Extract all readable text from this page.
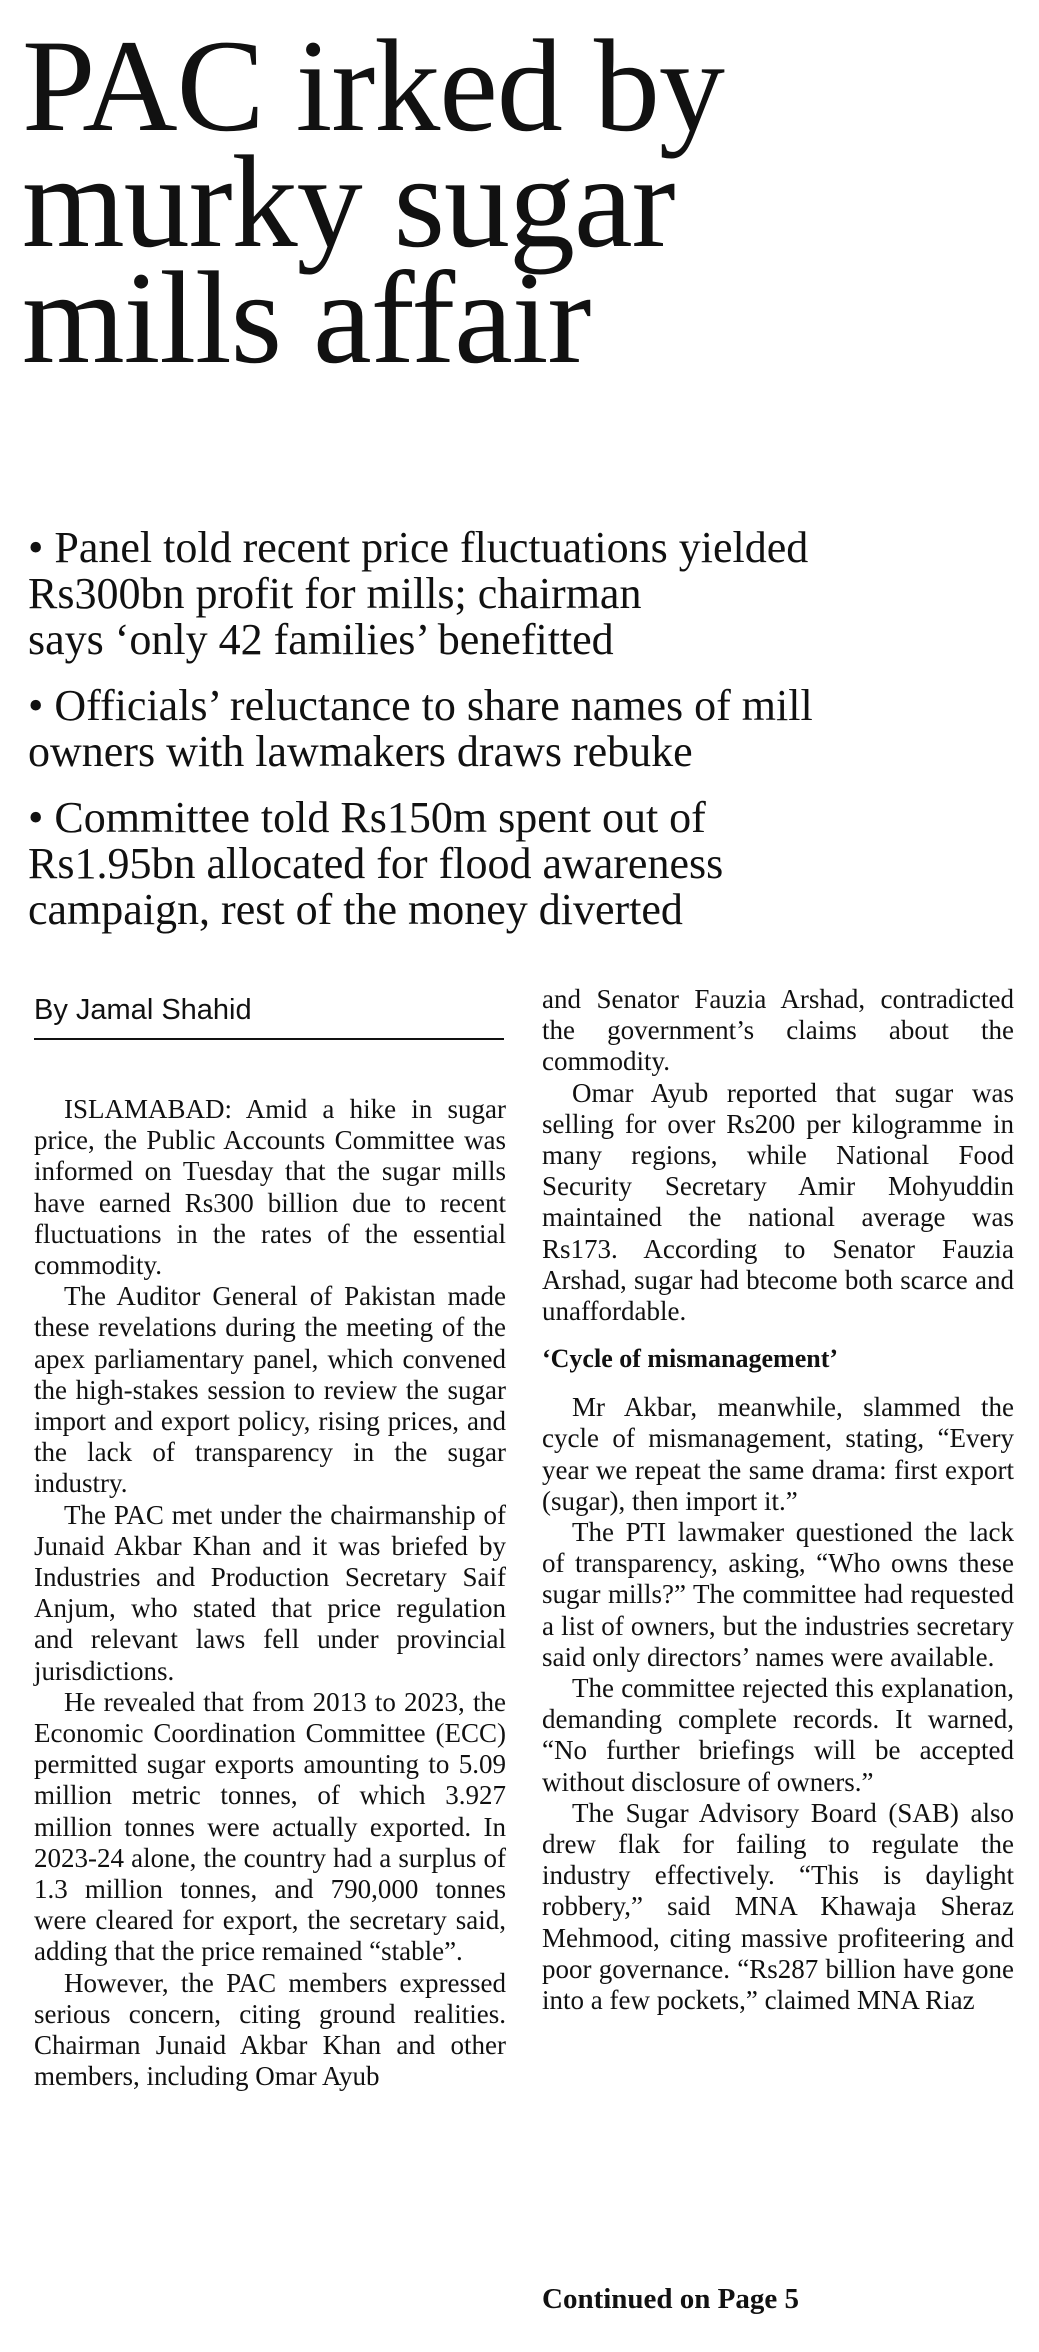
PAC irked by
murky sugar
mills affair
• Panel told recent price fluctuations yielded
Rs300bn profit for mills; chairman
says ‘only 42 families’ benefitted
• Officials’ reluctance to share names of mill
owners with lawmakers draws rebuke
• Committee told Rs150m spent out of
Rs1.95bn allocated for flood awareness
campaign, rest of the money diverted
By Jamal Shahid

ISLAMABAD: Amid a hike in sugar price, the Public Accounts Committee was informed on Tuesday that the sugar mills have earned Rs300 billion due to recent fluctuations in the rates of the essential commodity.

The Auditor General of Pakistan made these revelations during the meeting of the apex parliamentary panel, which convened the high-stakes session to review the sugar import and export policy, rising prices, and the lack of transparency in the sugar industry.

The PAC met under the chairmanship of Junaid Akbar Khan and it was briefed by Industries and Production Secretary Saif Anjum, who stated that price regulation and relevant laws fell under provincial jurisdictions.

He revealed that from 2013 to 2023, the Economic Coordination Committee (ECC) permitted sugar exports amounting to 5.09 million metric tonnes, of which 3.927 million tonnes were actually exported. In 2023-24 alone, the country had a surplus of 1.3 million tonnes, and 790,000 tonnes were cleared for export, the secretary said, adding that the price remained “stable”.

However, the PAC members expressed serious concern, citing ground realities. Chairman Junaid Akbar Khan and other members, including Omar Ayub

and Senator Fauzia Arshad, contradicted the government’s claims about the commodity.

Omar Ayub reported that sugar was selling for over Rs200 per kilogramme in many regions, while National Food Security Secretary Amir Mohyuddin maintained the national average was Rs173. According to Senator Fauzia Arshad, sugar had btecome both scarce and unaffordable.

‘Cycle of mismanagement’

Mr Akbar, meanwhile, slammed the cycle of mismanagement, stating, “Every year we repeat the same drama: first export (sugar), then import it.”

The PTI lawmaker questioned the lack of transparency, asking, “Who owns these sugar mills?” The committee had requested a list of owners, but the industries secretary said only directors’ names were available.

The committee rejected this explanation, demanding complete records. It warned, “No further briefings will be accepted without disclosure of owners.”

The Sugar Advisory Board (SAB) also drew flak for failing to regulate the industry effectively. “This is daylight robbery,” said MNA Khawaja Sheraz Mehmood, citing massive profiteering and poor governance. “Rs287 billion have gone into a few pockets,” claimed MNA Riaz

Continued on Page 5
